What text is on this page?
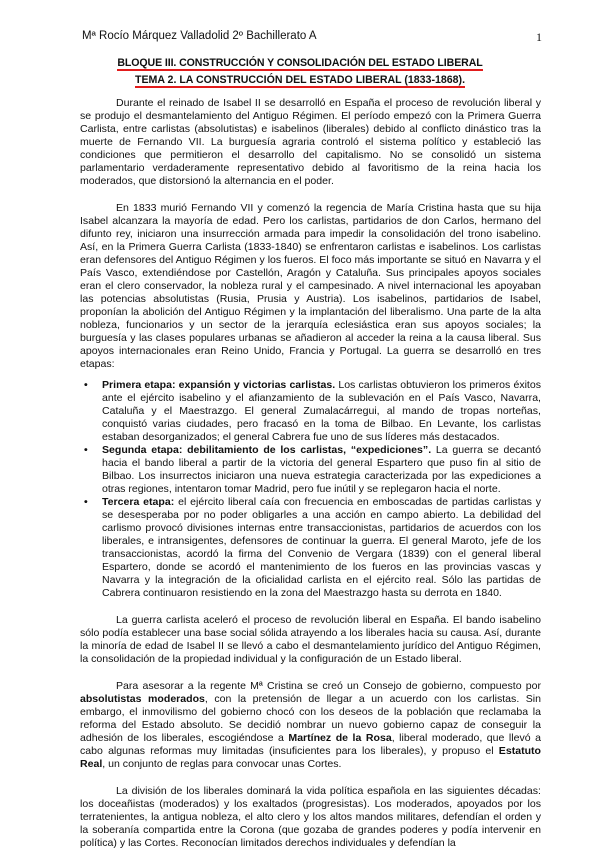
Mª Rocío Márquez Valladolid 2º Bachillerato A	1
BLOQUE III. CONSTRUCCIÓN Y CONSOLIDACIÓN DEL ESTADO LIBERAL
TEMA 2. LA CONSTRUCCIÓN DEL ESTADO LIBERAL (1833-1868).

Durante el reinado de Isabel II se desarrolló en España el proceso de revolución liberal y se produjo el desmantelamiento del Antiguo Régimen. El período empezó con la Primera Guerra Carlista, entre carlistas (absolutistas) e isabelinos (liberales) debido al conflicto dinástico tras la muerte de Fernando VII. La burguesía agraria controló el sistema político y estableció las condiciones que permitieron el desarrollo del capitalismo. No se consolidó un sistema parlamentario verdaderamente representativo debido al favoritismo de la reina hacia los moderados, que distorsionó la alternancia en el poder.

En 1833 murió Fernando VII y comenzó la regencia de María Cristina hasta que su hija Isabel alcanzara la mayoría de edad. Pero los carlistas, partidarios de don Carlos, hermano del difunto rey, iniciaron una insurrección armada para impedir la consolidación del trono isabelino. Así, en la Primera Guerra Carlista (1833-1840) se enfrentaron carlistas e isabelinos. Los carlistas eran defensores del Antiguo Régimen y los fueros. El foco más importante se situó en Navarra y el País Vasco, extendiéndose por Castellón, Aragón y Cataluña. Sus principales apoyos sociales eran el clero conservador, la nobleza rural y el campesinado. A nivel internacional les apoyaban las potencias absolutistas (Rusia, Prusia y Austria). Los isabelinos, partidarios de Isabel, proponían la abolición del Antiguo Régimen y la implantación del liberalismo. Una parte de la alta nobleza, funcionarios y un sector de la jerarquía eclesiástica eran sus apoyos sociales; la burguesía y las clases populares urbanas se añadieron al acceder la reina a la causa liberal. Sus apoyos internacionales eran Reino Unido, Francia y Portugal. La guerra se desarrolló en tres etapas:

• Primera etapa: expansión y victorias carlistas. Los carlistas obtuvieron los primeros éxitos ante el ejército isabelino y el afianzamiento de la sublevación en el País Vasco, Navarra, Cataluña y el Maestrazgo. El general Zumalacárregui, al mando de tropas norteñas, conquistó varias ciudades, pero fracasó en la toma de Bilbao. En Levante, los carlistas estaban desorganizados; el general Cabrera fue uno de sus líderes más destacados.
• Segunda etapa: debilitamiento de los carlistas, “expediciones”. La guerra se decantó hacia el bando liberal a partir de la victoria del general Espartero que puso fin al sitio de Bilbao. Los insurrectos iniciaron una nueva estrategia caracterizada por las expediciones a otras regiones, intentaron tomar Madrid, pero fue inútil y se replegaron hacia el norte.
• Tercera etapa: el ejército liberal caía con frecuencia en emboscadas de partidas carlistas y se desesperaba por no poder obligarles a una acción en campo abierto. La debilidad del carlismo provocó divisiones internas entre transaccionistas, partidarios de acuerdos con los liberales, e intransigentes, defensores de continuar la guerra. El general Maroto, jefe de los transaccionistas, acordó la firma del Convenio de Vergara (1839) con el general liberal Espartero, donde se acordó el mantenimiento de los fueros en las provincias vascas y Navarra y la integración de la oficialidad carlista en el ejército real. Sólo las partidas de Cabrera continuaron resistiendo en la zona del Maestrazgo hasta su derrota en 1840.

La guerra carlista aceleró el proceso de revolución liberal en España. El bando isabelino sólo podía establecer una base social sólida atrayendo a los liberales hacia su causa. Así, durante la minoría de edad de Isabel II se llevó a cabo el desmantelamiento jurídico del Antiguo Régimen, la consolidación de la propiedad individual y la configuración de un Estado liberal.

Para asesorar a la regente Mª Cristina se creó un Consejo de gobierno, compuesto por absolutistas moderados, con la pretensión de llegar a un acuerdo con los carlistas. Sin embargo, el inmovilismo del gobierno chocó con los deseos de la población que reclamaba la reforma del Estado absoluto. Se decidió nombrar un nuevo gobierno capaz de conseguir la adhesión de los liberales, escogiéndose a Martínez de la Rosa, liberal moderado, que llevó a cabo algunas reformas muy limitadas (insuficientes para los liberales), y propuso el Estatuto Real, un conjunto de reglas para convocar unas Cortes.

La división de los liberales dominará la vida política española en las siguientes décadas: los doceañistas (moderados) y los exaltados (progresistas). Los moderados, apoyados por los terratenientes, la antigua nobleza, el alto clero y los altos mandos militares, defendían el orden y la soberanía compartida entre la Corona (que gozaba de grandes poderes y podía intervenir en política) y las Cortes. Reconocían limitados derechos individuales y defendían la
